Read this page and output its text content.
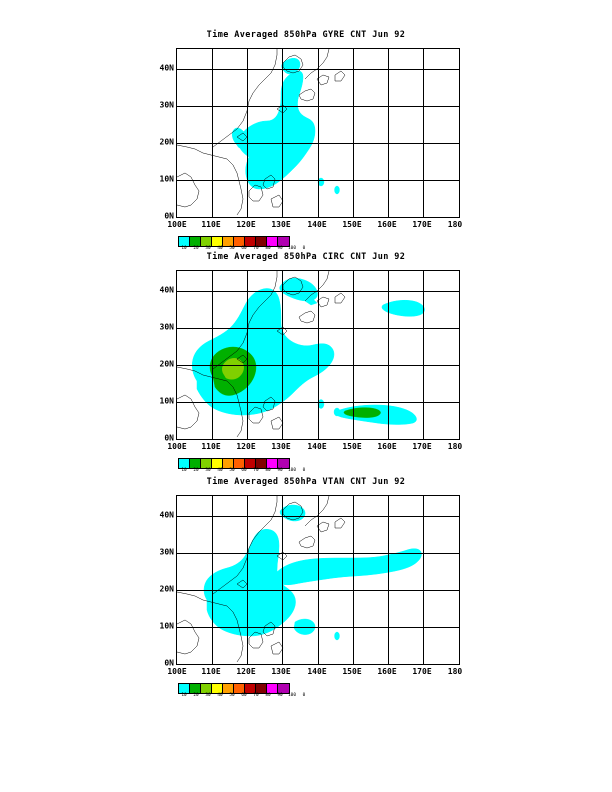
Time Averaged 850hPa GYRE CNT Jun 92
40N
30N
20N
10N
0N
100E 110E 120E 130E 140E 150E 160E 170E 180
10	20	30	40	50	60	70	80	90	100	0
Time Averaged 850hPa CIRC CNT Jun 92
40N
30N
20N
10N
0N
100E 110E 120E 130E 140E 150E 160E 170E 180
10	20	30	40	50	60	70	80	90	100	0
Time Averaged 850hPa VTAN CNT Jun 92
40N
30N
20N
10N
0N
100E 110E 120E 130E 140E 150E 160E 170E 180
10	20	30	40	50	60	70	80	90	100	0
